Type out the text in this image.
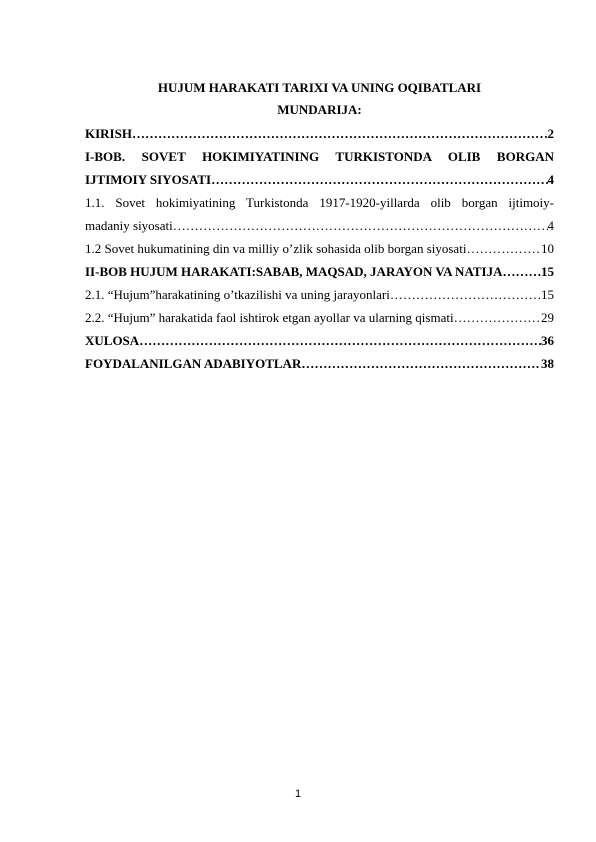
HUJUM HARAKATI TARIXI VA UNING OQIBATLARI
MUNDARIJA:
KIRISH ……………………………………………………………………………………………………………………………………………………………………	2
I-BOB. SOVET HOKIMIYATINING TURKISTONDA OLIB BORGAN
IJTIMOIY SIYOSATI ……………………………………………………………………………………………………………………………………………………………………	4
1.1. Sovet hokimiyatining Turkistonda 1917-1920-yillarda olib borgan ijtimoiy-
madaniy siyosati ……………………………………………………………………………………………………………………………………………………………………	4
1.2 Sovet hukumatining din va milliy o’zlik sohasida olib borgan siyosati ……………………………………………………………………………………………………………………………………………………………………	10
II-BOB HUJUM HARAKATI:SABAB, MAQSAD, JARAYON VA NATIJA ……………………………………………………………………………………………………………………………………………………………………	15
2.1. “Hujum”harakatining o’tkazilishi va uning jarayonlari ……………………………………………………………………………………………………………………………………………………………………	15
2.2. “Hujum” harakatida faol ishtirok etgan ayollar va ularning qismati ……………………………………………………………………………………………………………………………………………………………………	29
XULOSA ……………………………………………………………………………………………………………………………………………………………………	36
FOYDALANILGAN ADABIYOTLAR ……………………………………………………………………………………………………………………………………………………………………	38
1
